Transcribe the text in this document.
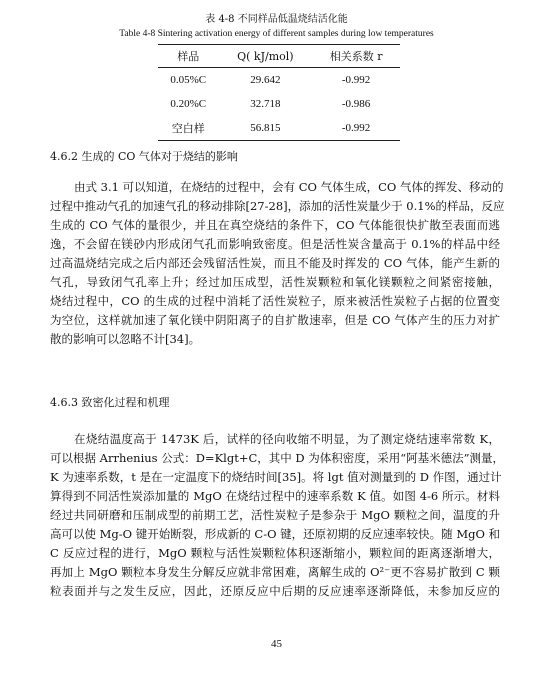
表 4-8 不同样品低温烧结活化能
Table 4-8 Sintering activation energy of different samples during low temperatures
样品	Q( kJ/mol)	相关系数 r
0.05%C	29.642	-0.992
0.20%C	32.718	-0.986
空白样	56.815	-0.992
4.6.2 生成的 CO 气体对于烧结的影响

由式 3.1 可以知道，在烧结的过程中，会有 CO 气体生成，CO 气体的挥发、移动的
过程中推动气孔的加速气孔的移动排除[27-28]，添加的活性炭量少于 0.1%的样品，反应
生成的 CO 气体的量很少，并且在真空烧结的条件下，CO 气体能很快扩散至表面而逃
逸，不会留在镁砂内形成闭气孔而影响致密度。但是活性炭含量高于 0.1%的样品中经
过高温烧结完成之后内部还会残留活性炭，而且不能及时挥发的 CO 气体，能产生新的
气孔，导致闭气孔率上升；经过加压成型，活性炭颗粒和氧化镁颗粒之间紧密接触，
烧结过程中，CO 的生成的过程中消耗了活性炭粒子，原来被活性炭粒子占据的位置变
为空位，这样就加速了氧化镁中阴阳离子的自扩散速率，但是 CO 气体产生的压力对扩
散的影响可以忽略不计[34]。

4.6.3 致密化过程和机理

在烧结温度高于 1473K 后，试样的径向收缩不明显，为了测定烧结速率常数 K，
可以根据 Arrhenius 公式：D=Klgt+C，其中 D 为体积密度，采用“阿基米德法”测量，
K 为速率系数，t 是在一定温度下的烧结时间[35]。将 lgt 值对测量到的 D 作图，通过计
算得到不同活性炭添加量的 MgO 在烧结过程中的速率系数 K 值。如图 4-6 所示。材料
经过共同研磨和压制成型的前期工艺，活性炭粒子是参杂于 MgO 颗粒之间，温度的升
高可以使 Mg-O 键开始断裂，形成新的 C-O 键，还原初期的反应速率较快。随 MgO 和
C 反应过程的进行，MgO 颗粒与活性炭颗粒体积逐渐缩小，颗粒间的距离逐渐增大，
再加上 MgO 颗粒本身发生分解反应就非常困难，离解生成的 O²⁻更不容易扩散到 C 颗
粒表面并与之发生反应，因此，还原反应中后期的反应速率逐渐降低，未参加反应的

45
